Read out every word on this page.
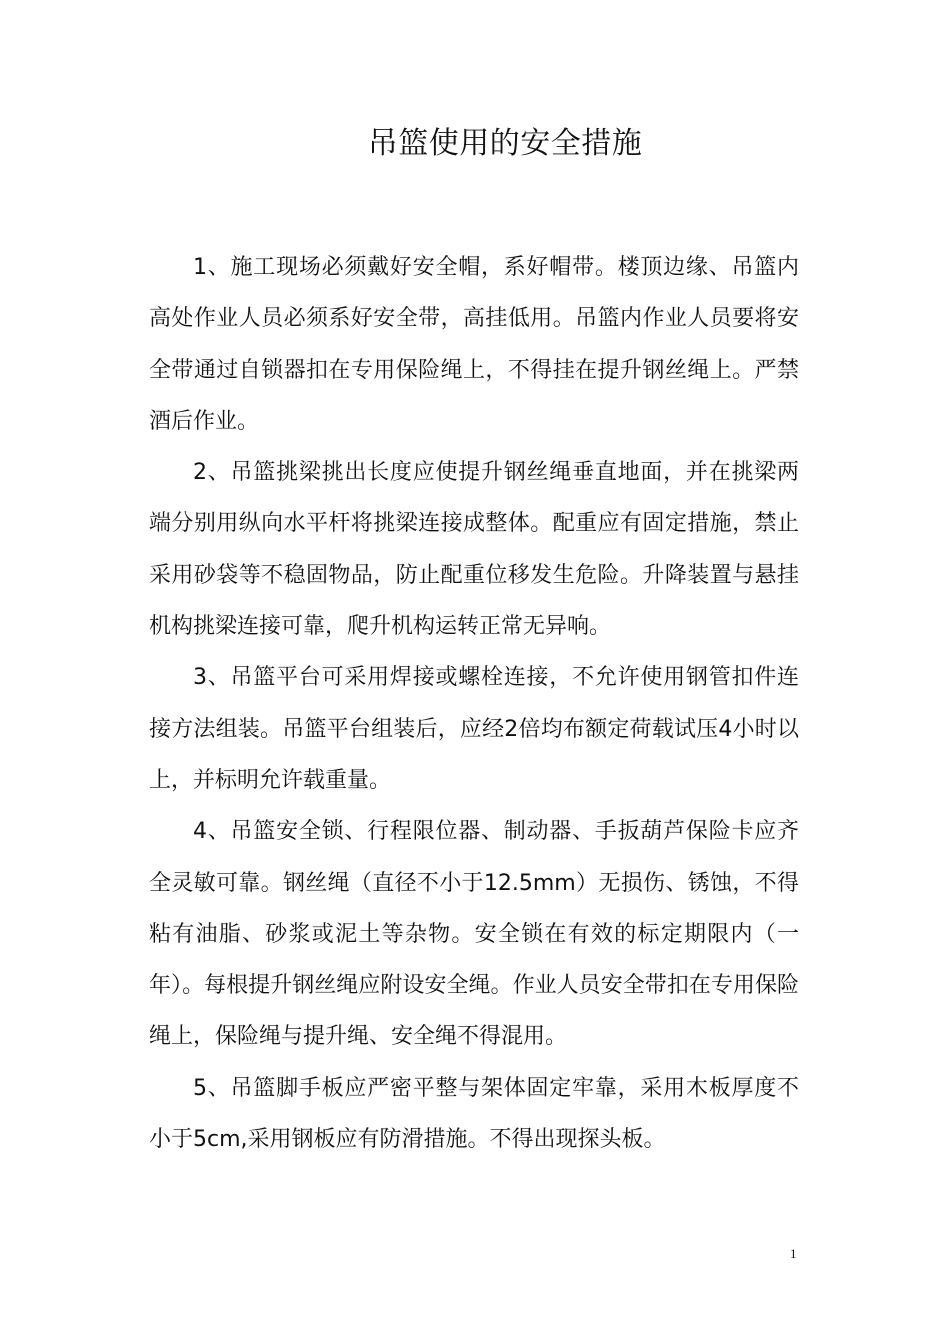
吊篮使用的安全措施

1、施工现场必须戴好安全帽，系好帽带。楼顶边缘、吊篮内高处作业人员必须系好安全带，高挂低用。吊篮内作业人员要将安全带通过自锁器扣在专用保险绳上，不得挂在提升钢丝绳上。严禁酒后作业。

2、吊篮挑梁挑出长度应使提升钢丝绳垂直地面，并在挑梁两端分别用纵向水平杆将挑梁连接成整体。配重应有固定措施，禁止采用砂袋等不稳固物品，防止配重位移发生危险。升降装置与悬挂机构挑梁连接可靠，爬升机构运转正常无异响。

3、吊篮平台可采用焊接或螺栓连接，不允许使用钢管扣件连接方法组装。吊篮平台组装后，应经2倍均布额定荷载试压4小时以上，并标明允许载重量。

4、吊篮安全锁、行程限位器、制动器、手扳葫芦保险卡应齐全灵敏可靠。钢丝绳（直径不小于12.5mm）无损伤、锈蚀，不得粘有油脂、砂浆或泥土等杂物。安全锁在有效的标定期限内（一年）。每根提升钢丝绳应附设安全绳。作业人员安全带扣在专用保险绳上，保险绳与提升绳、安全绳不得混用。

5、吊篮脚手板应严密平整与架体固定牢靠，采用木板厚度不小于5cm,采用钢板应有防滑措施。不得出现探头板。

1
